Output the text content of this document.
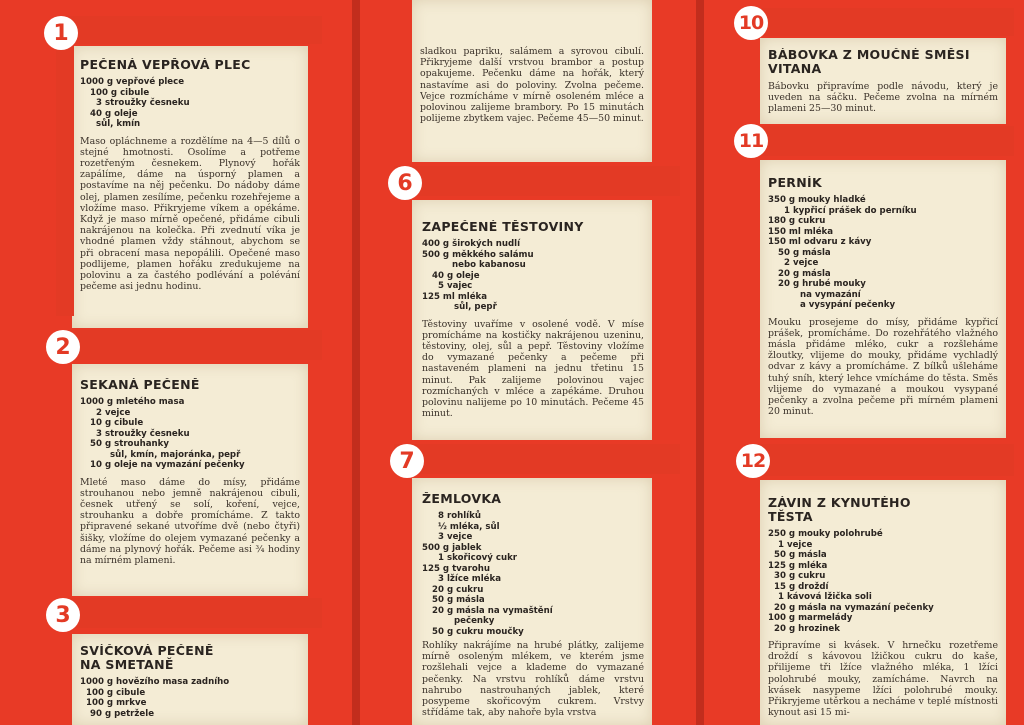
1
PEČENÁ VEPŘOVÁ PLEC
1000 g vepřové plece
100 g cibule
3 stroužky česneku
40 g oleje
sůl, kmín

Maso opláchneme a rozdělíme na 4—5 dílů o stejné hmotnosti. Osolíme a potřeme rozetřeným česnekem. Plynový hořák zapálíme, dáme na úsporný plamen a postavíme na něj pečenku. Do nádoby dáme olej, plamen zesílíme, pečenku rozehřejeme a vložíme maso. Přikryjeme víkem a opékáme. Když je maso mírně opečené, přidáme cibuli nakrájenou na kolečka. Při zvednutí víka je vhodné plamen vždy stáhnout, abychom se při obracení masa nepopálili. Opečené maso podlijeme, plamen hořáku zredukujeme na polovinu a za častého podlévání a polévání pečeme asi jednu hodinu.

2
SEKANÁ PEČENĚ
1000 g mletého masa
2 vejce
10 g cibule
3 stroužky česneku
50 g strouhanky
sůl, kmín, majoránka, pepř
10 g oleje na vymazání pečenky

Mleté maso dáme do mísy, přidáme strouhanou nebo jemně nakrájenou cibuli, česnek utřený se solí, koření, vejce, strouhanku a dobře promícháme. Z takto připravené sekané utvoříme dvě (nebo čtyři) šišky, vložíme do olejem vymazané pečenky a dáme na plynový hořák. Pečeme asi ¾ hodiny na mírném plameni.

3
SVÍČKOVÁ PEČENĚ NA SMETANĚ
1000 g hovězího masa zadního
100 g cibule
100 g mrkve
90 g petržele

sladkou papriku, salámem a syrovou cibulí. Přikryjeme další vrstvou brambor a postup opakujeme. Pečenku dáme na hořák, který nastavíme asi do poloviny. Zvolna pečeme. Vejce rozmícháme v mírně osoleném mléce a polovinou zalijeme brambory. Po 15 minutách polijeme zbytkem vajec. Pečeme 45—50 minut.

6
ZAPEČENÉ TĚSTOVINY
400 g širokých nudlí
500 g měkkého salámu
nebo kabanosu
40 g oleje
5 vajec
125 ml mléka
sůl, pepř

Těstoviny uvaříme v osolené vodě. V míse promícháme na kostičky nakrájenou uzeninu, těstoviny, olej, sůl a pepř. Těstoviny vložíme do vymazané pečenky a pečeme při nastaveném plameni na jednu třetinu 15 minut. Pak zalijeme polovinou vajec rozmíchaných v mléce a zapékáme. Druhou polovinu nalijeme po 10 minutách. Pečeme 45 minut.

7
ŽEMLOVKA
8 rohlíků
½ mléka, sůl
3 vejce
500 g jablek
1 skořicový cukr
125 g tvarohu
3 lžíce mléka
20 g cukru
50 g másla
20 g másla na vymaštění
pečenky
50 g cukru moučky

Rohlíky nakrájíme na hrubé plátky, zalijeme mírně osoleným mlékem, ve kterém jsme rozšlehali vejce a klademe do vymazané pečenky. Na vrstvu rohlíků dáme vrstvu nahrubo nastrouhaných jablek, které posypeme skořicovým cukrem. Vrstvy střídáme tak, aby nahoře byla vrstva

10
BÁBOVKA Z MOUČNÉ SMĚSI VITANA

Bábovku připravíme podle návodu, který je uveden na sáčku. Pečeme zvolna na mírném plameni 25—30 minut.

11
PERNÍK
350 g mouky hladké
1 kypřicí prášek do perníku
180 g cukru
150 ml mléka
150 ml odvaru z kávy
50 g másla
2 vejce
20 g másla
20 g hrubé mouky
na vymazání
a vysypání pečenky

Mouku prosejeme do mísy, přidáme kypřicí prášek, promícháme. Do rozehřátého vlažného másla přidáme mléko, cukr a rozšleháme žloutky, vlijeme do mouky, přidáme vychladlý odvar z kávy a promícháme. Z bílků ušleháme tuhý sníh, který lehce vmícháme do těsta. Směs vlijeme do vymazané a moukou vysypané pečenky a zvolna pečeme při mírném plameni 20 minut.

12
ZÁVIN Z KYNUTÉHO TĚSTA
250 g mouky polohrubé
1 vejce
50 g másla
125 g mléka
30 g cukru
15 g droždí
1 kávová lžička soli
20 g másla na vymazání pečenky
100 g marmelády
20 g hrozinek

Připravíme si kvásek. V hrnečku rozetřeme droždí s kávovou lžičkou cukru do kaše, přilijeme tři lžíce vlažného mléka, 1 lžíci polohrubé mouky, zamícháme. Navrch na kvásek nasypeme lžíci polohrubé mouky. Přikryjeme utěrkou a necháme v teplé místnosti kynout asi 15 mi-
